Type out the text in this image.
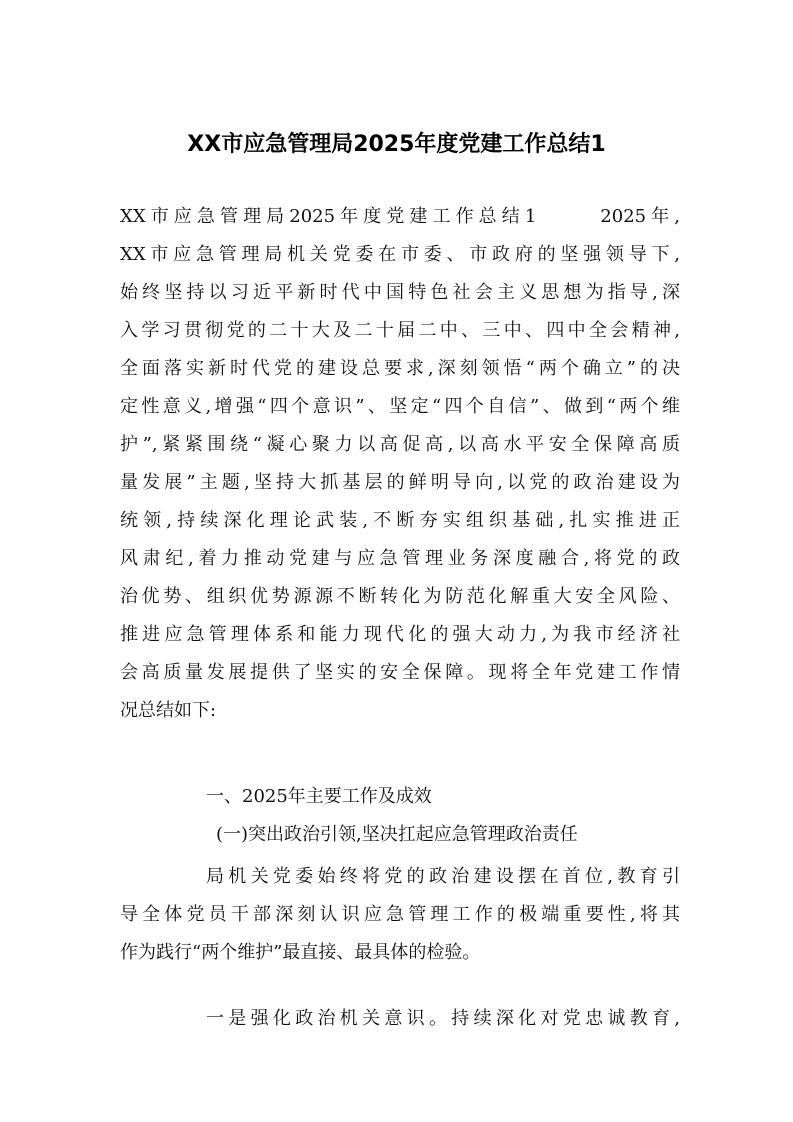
XX市应急管理局2025年度党建工作总结1
XX市应急管理局2025年度党建工作总结1	2025年,
XX市应急管理局机关党委在市委、市政府的坚强领导下,
始终坚持以习近平新时代中国特色社会主义思想为指导,深
入学习贯彻党的二十大及二十届二中、三中、四中全会精神,
全面落实新时代党的建设总要求,深刻领悟“两个确立”的决
定性意义,增强“四个意识”、坚定“四个自信”、做到“两个维
护”,紧紧围绕“凝心聚力以高促高,以高水平安全保障高质
量发展”主题,坚持大抓基层的鲜明导向,以党的政治建设为
统领,持续深化理论武装,不断夯实组织基础,扎实推进正
风肃纪,着力推动党建与应急管理业务深度融合,将党的政
治优势、组织优势源源不断转化为防范化解重大安全风险、
推进应急管理体系和能力现代化的强大动力,为我市经济社
会高质量发展提供了坚实的安全保障。现将全年党建工作情
况总结如下:
一、2025年主要工作及成效
(一)突出政治引领,坚决扛起应急管理政治责任
局机关党委始终将党的政治建设摆在首位,教育引
导全体党员干部深刻认识应急管理工作的极端重要性,将其
作为践行“两个维护”最直接、最具体的检验。
一是强化政治机关意识。持续深化对党忠诚教育,
